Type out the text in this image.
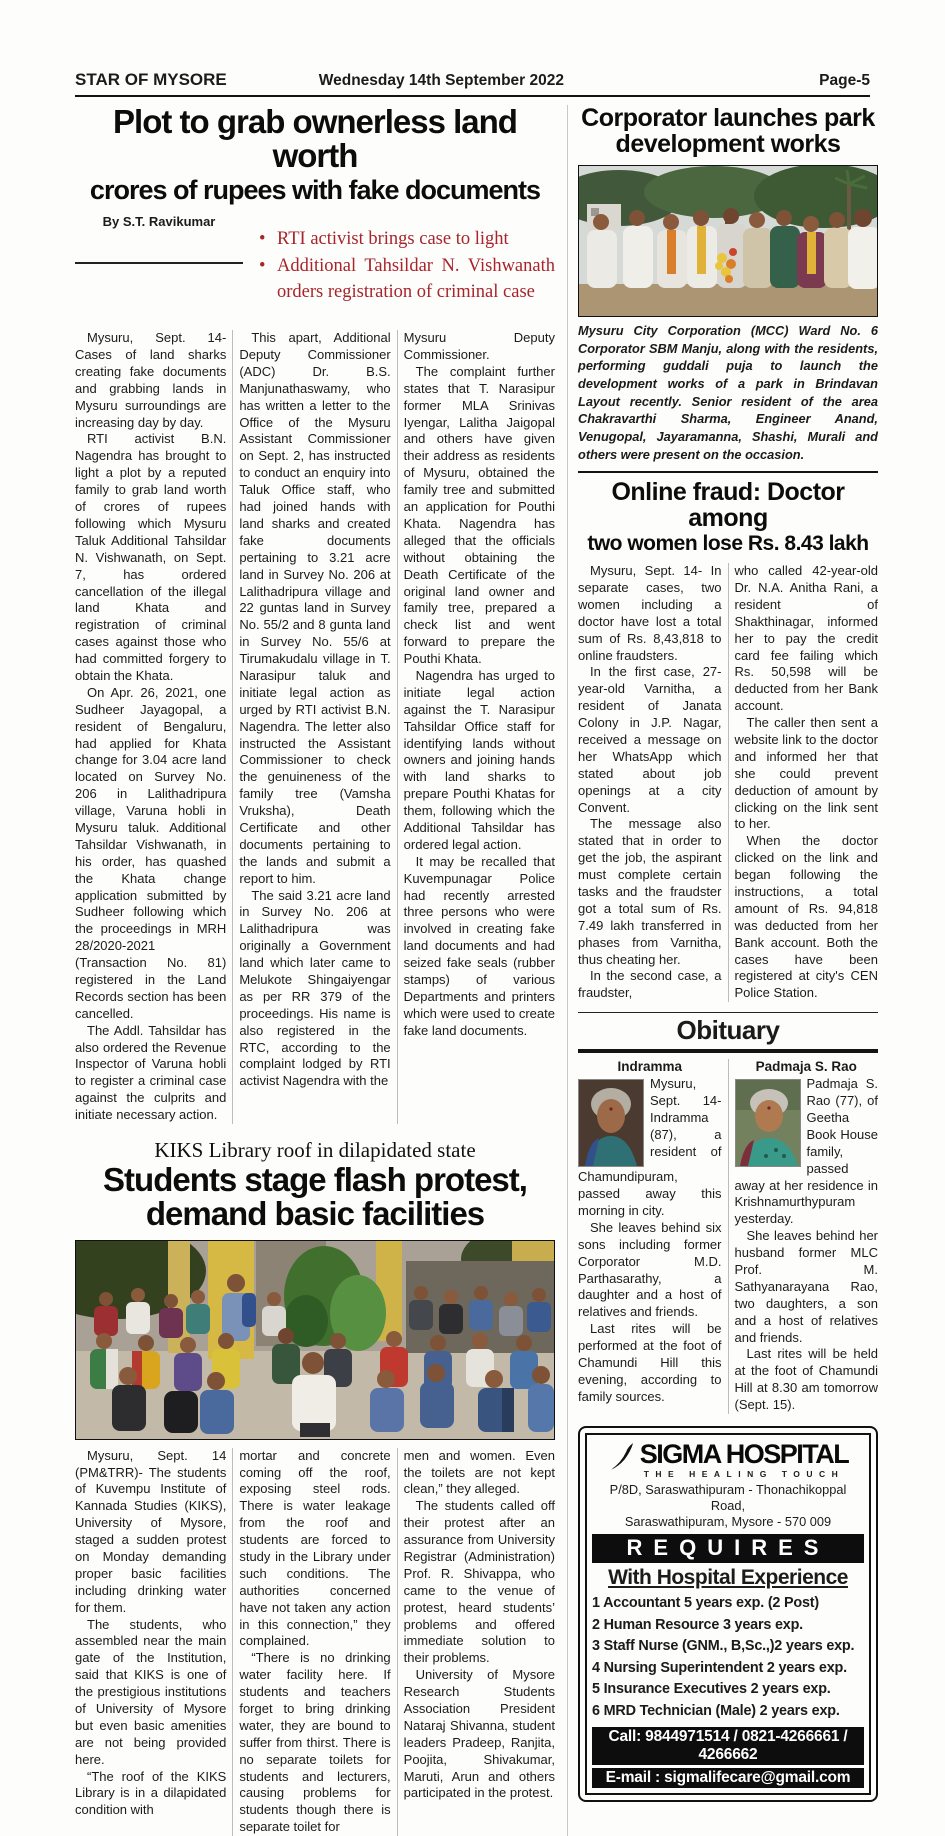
STAR OF MYSORE	Wednesday 14th September 2022	Page-5
Plot to grab ownerless land worth
crores of rupees with fake documents
By S.T. Ravikumar
• RTI activist brings case to light
• Additional Tahsildar N. Vishwanath orders registration of criminal case

Mysuru, Sept. 14- Cases of land sharks creating fake documents and grabbing lands in Mysuru surroundings are increasing day by day.

RTI activist B.N. Nagendra has brought to light a plot by a reputed family to grab land worth of crores of rupees following which Mysuru Taluk Additional Tahsildar N. Vishwanath, on Sept. 7, has ordered cancellation of the illegal land Khata and registration of criminal cases against those who had committed forgery to obtain the Khata.

On Apr. 26, 2021, one Sudheer Jayagopal, a resident of Bengaluru, had applied for Khata change for 3.04 acre land located on Survey No. 206 in Lalithadripura village, Varuna hobli in Mysuru taluk. Additional Tahsildar Vishwanath, in his order, has quashed the Khata change application submitted by Sudheer following which the proceedings in MRH 28/2020-2021 (Transaction No. 81) registered in the Land Records section has been cancelled.

The Addl. Tahsildar has also ordered the Revenue Inspector of Varuna hobli to register a criminal case against the culprits and initiate necessary action.

This apart, Additional Deputy Commissioner (ADC) Dr. B.S. Manjunathaswamy, who has written a letter to the Office of the Mysuru Assistant Commissioner on Sept. 2, has instructed to conduct an enquiry into Taluk Office staff, who had joined hands with land sharks and created fake documents pertaining to 3.21 acre land in Survey No. 206 at Lalithadripura village and 22 guntas land in Survey No. 55/2 and 8 gunta land in Survey No. 55/6 at Tirumakudalu village in T. Narasipur taluk and initiate legal action as urged by RTI activist B.N. Nagendra. The letter also instructed the Assistant Commissioner to check the genuineness of the family tree (Vamsha Vruksha), Death Certificate and other documents pertaining to the lands and submit a report to him.

The said 3.21 acre land in Survey No. 206 at Lalithadripura was originally a Government land which later came to Melukote Shingaiyengar as per RR 379 of the proceedings. His name is also registered in the RTC, according to the complaint lodged by RTI activist Nagendra with the

Mysuru Deputy Commissioner.

The complaint further states that T. Narasipur former MLA Srinivas Iyengar, Lalitha Jaigopal and others have given their address as residents of Mysuru, obtained the family tree and submitted an application for Pouthi Khata. Nagendra has alleged that the officials without obtaining the Death Certificate of the original land owner and family tree, prepared a check list and went forward to prepare the Pouthi Khata.

Nagendra has urged to initiate legal action against the T. Narasipur Tahsildar Office staff for identifying lands without owners and joining hands with land sharks to prepare Pouthi Khatas for them, following which the Additional Tahsildar has ordered legal action.

It may be recalled that Kuvempunagar Police had recently arrested three persons who were involved in creating fake land documents and had seized fake seals (rubber stamps) of various Departments and printers which were used to create fake land documents.

KIKS Library roof in dilapidated state
Students stage flash protest,
demand basic facilities

Mysuru, Sept. 14 (PM&TRR)- The students of Kuvempu Institute of Kannada Studies (KIKS), University of Mysore, staged a sudden protest on Monday demanding proper basic facilities including drinking water for them.

The students, who assembled near the main gate of the Institution, said that KIKS is one of the prestigious institutions of University of Mysore but even basic amenities are not being provided here.

“The roof of the KIKS Library is in a dilapidated condition with

mortar and concrete coming off the roof, exposing steel rods. There is water leakage from the roof and students are forced to study in the Library under such conditions. The authorities concerned have not taken any action in this connection,” they complained.

“There is no drinking water facility here. If students and teachers forget to bring drinking water, they are bound to suffer from thirst. There is no separate toilets for students and lecturers, causing problems for students though there is separate toilet for

men and women. Even the toilets are not kept clean,” they alleged.

The students called off their protest after an assurance from University Registrar (Administration) Prof. R. Shivappa, who came to the venue of protest, heard students’ problems and offered immediate solution to their problems.

University of Mysore Research Students Association President Nataraj Shivanna, student leaders Pradeep, Ranjita, Poojita, Shivakumar, Maruti, Arun and others participated in the protest.

Corporator launches park
development works
Mysuru City Corporation (MCC) Ward No. 6 Corporator SBM Manju, along with the residents, performing guddali puja to launch the development works of a park in Brindavan Layout recently. Senior resident of the area Chakravarthi Sharma, Engineer Anand, Venugopal, Jayaramanna, Shashi, Murali and others were present on the occasion.
Online fraud: Doctor among
two women lose Rs. 8.43 lakh

Mysuru, Sept. 14- In separate cases, two women including a doctor have lost a total sum of Rs. 8,43,818 to online fraudsters.

In the first case, 27-year-old Varnitha, a resident of Janata Colony in J.P. Nagar, received a message on her WhatsApp which stated about job openings at a city Convent.

The message also stated that in order to get the job, the aspirant must complete certain tasks and the fraudster got a total sum of Rs. 7.49 lakh transferred in phases from Varnitha, thus cheating her.

In the second case, a fraudster,

who called 42-year-old Dr. N.A. Anitha Rani, a resident of Shakthinagar, informed her to pay the credit card fee failing which Rs. 50,598 will be deducted from her Bank account.

The caller then sent a website link to the doctor and informed her that she could prevent deduction of amount by clicking on the link sent to her.

When the doctor clicked on the link and began following the instructions, a total amount of Rs. 94,818 was deducted from her Bank account. Both the cases have been registered at city's CEN Police Station.

Obituary
Indramma

Mysuru, Sept. 14- Indramma (87), a resident of Chamundipuram, passed away this morning in city.

She leaves behind six sons including former Corporator M.D. Parthasarathy, a daughter and a host of relatives and friends.

Last rites will be performed at the foot of Chamundi Hill this evening, according to family sources.

Padmaja S. Rao

Padmaja S. Rao (77), of Geetha Book House family, passed away at her residence in Krishnamurthypuram yesterday.

She leaves behind her husband former MLC Prof. M. Sathyanarayana Rao, two daughters, a son and a host of relatives and friends.

Last rites will be held at the foot of Chamundi Hill at 8.30 am tomorrow (Sept. 15).

SIGMA HOSPITAL
THE HEALING TOUCH
P/8D, Saraswathipuram - Thonachikoppal Road,
Saraswathipuram, Mysore - 570 009
REQUIRES
With Hospital Experience
1 Accountant 5 years exp. (2 Post)
2 Human Resource 3 years exp.
3 Staff Nurse (GNM., B,Sc.,)2 years exp.
4 Nursing Superintendent 2 years exp.
5 Insurance Executives 2 years exp.
6 MRD Technician (Male) 2 years exp.
Call: 9844971514 / 0821-4266661 / 4266662
E-mail : sigmalifecare@gmail.com
